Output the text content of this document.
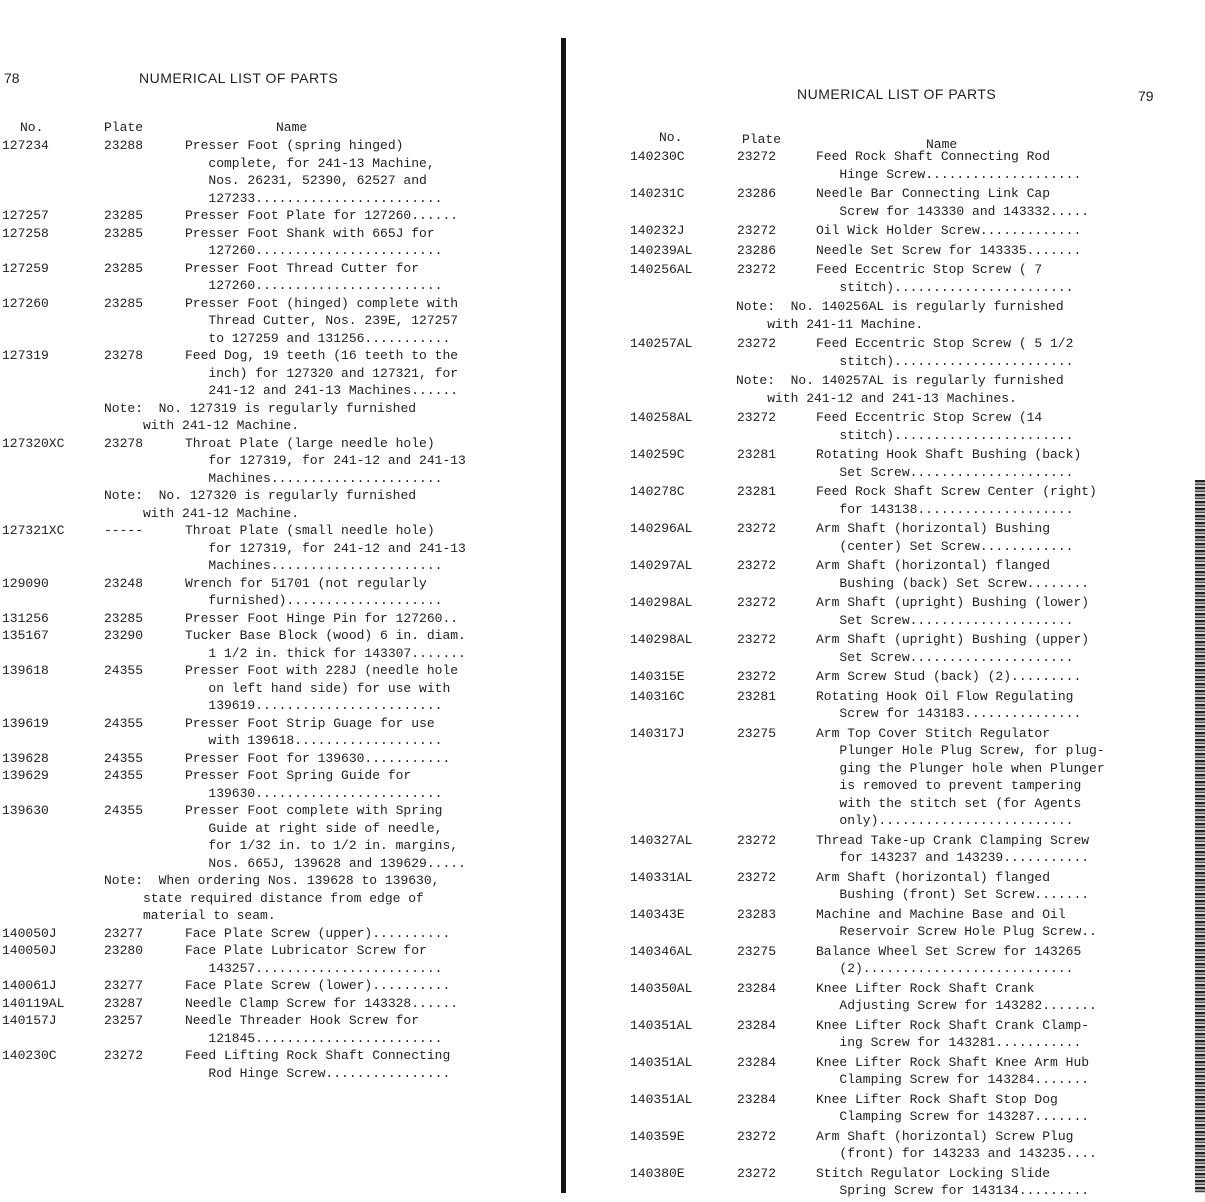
78	NUMERICAL LIST OF PARTS
No.	Plate	Name
127234	23288	Presser Foot (spring hinged)
complete, for 241-13 Machine,
Nos. 26231, 52390, 62527 and
127233........................
127257	23285	Presser Foot Plate for 127260......
127258	23285	Presser Foot Shank with 665J for
127260........................
127259	23285	Presser Foot Thread Cutter for
127260........................
127260	23285	Presser Foot (hinged) complete with
Thread Cutter, Nos. 239E, 127257
to 127259 and 131256...........
127319	23278	Feed Dog, 19 teeth (16 teeth to the
inch) for 127320 and 127321, for
241-12 and 241-13 Machines......
Note:  No. 127319 is regularly furnished
with 241-12 Machine.
127320XC	23278	Throat Plate (large needle hole)
for 127319, for 241-12 and 241-13
Machines......................
Note:  No. 127320 is regularly furnished
with 241-12 Machine.
127321XC	-----	Throat Plate (small needle hole)
for 127319, for 241-12 and 241-13
Machines......................
129090	23248	Wrench for 51701 (not regularly
furnished)....................
131256	23285	Presser Foot Hinge Pin for 127260..
135167	23290	Tucker Base Block (wood) 6 in. diam.
1 1/2 in. thick for 143307.......
139618	24355	Presser Foot with 228J (needle hole
on left hand side) for use with
139619........................
139619	24355	Presser Foot Strip Guage for use
with 139618...................
139628	24355	Presser Foot for 139630...........
139629	24355	Presser Foot Spring Guide for
139630........................
139630	24355	Presser Foot complete with Spring
Guide at right side of needle,
for 1/32 in. to 1/2 in. margins,
Nos. 665J, 139628 and 139629.....
Note:  When ordering Nos. 139628 to 139630,
state required distance from edge of
material to seam.
140050J	23277	Face Plate Screw (upper)..........
140050J	23280	Face Plate Lubricator Screw for
143257........................
140061J	23277	Face Plate Screw (lower)..........
140119AL	23287	Needle Clamp Screw for 143328......
140157J	23257	Needle Threader Hook Screw for
121845........................
140230C	23272	Feed Lifting Rock Shaft Connecting
Rod Hinge Screw................
NUMERICAL LIST OF PARTS	79
No.	Plate	Name
140230C	23272	Feed Rock Shaft Connecting Rod
Hinge Screw....................
140231C	23286	Needle Bar Connecting Link Cap
Screw for 143330 and 143332.....
140232J	23272	Oil Wick Holder Screw.............
140239AL	23286	Needle Set Screw for 143335.......
140256AL	23272	Feed Eccentric Stop Screw ( 7
stitch).......................
Note:  No. 140256AL is regularly furnished
with 241-11 Machine.
140257AL	23272	Feed Eccentric Stop Screw ( 5 1/2
stitch).......................
Note:  No. 140257AL is regularly furnished
with 241-12 and 241-13 Machines.
140258AL	23272	Feed Eccentric Stop Screw (14
stitch).......................
140259C	23281	Rotating Hook Shaft Bushing (back)
Set Screw.....................
140278C	23281	Feed Rock Shaft Screw Center (right)
for 143138....................
140296AL	23272	Arm Shaft (horizontal) Bushing
(center) Set Screw............
140297AL	23272	Arm Shaft (horizontal) flanged
Bushing (back) Set Screw........
140298AL	23272	Arm Shaft (upright) Bushing (lower)
Set Screw.....................
140298AL	23272	Arm Shaft (upright) Bushing (upper)
Set Screw.....................
140315E	23272	Arm Screw Stud (back) (2).........
140316C	23281	Rotating Hook Oil Flow Regulating
Screw for 143183...............
140317J	23275	Arm Top Cover Stitch Regulator
Plunger Hole Plug Screw, for plug-
ging the Plunger hole when Plunger
is removed to prevent tampering
with the stitch set (for Agents
only).........................
140327AL	23272	Thread Take-up Crank Clamping Screw
for 143237 and 143239...........
140331AL	23272	Arm Shaft (horizontal) flanged
Bushing (front) Set Screw.......
140343E	23283	Machine and Machine Base and Oil
Reservoir Screw Hole Plug Screw..
140346AL	23275	Balance Wheel Set Screw for 143265
(2)...........................
140350AL	23284	Knee Lifter Rock Shaft Crank
Adjusting Screw for 143282.......
140351AL	23284	Knee Lifter Rock Shaft Crank Clamp-
ing Screw for 143281...........
140351AL	23284	Knee Lifter Rock Shaft Knee Arm Hub
Clamping Screw for 143284.......
140351AL	23284	Knee Lifter Rock Shaft Stop Dog
Clamping Screw for 143287.......
140359E	23272	Arm Shaft (horizontal) Screw Plug
(front) for 143233 and 143235....
140380E	23272	Stitch Regulator Locking Slide
Spring Screw for 143134.........
